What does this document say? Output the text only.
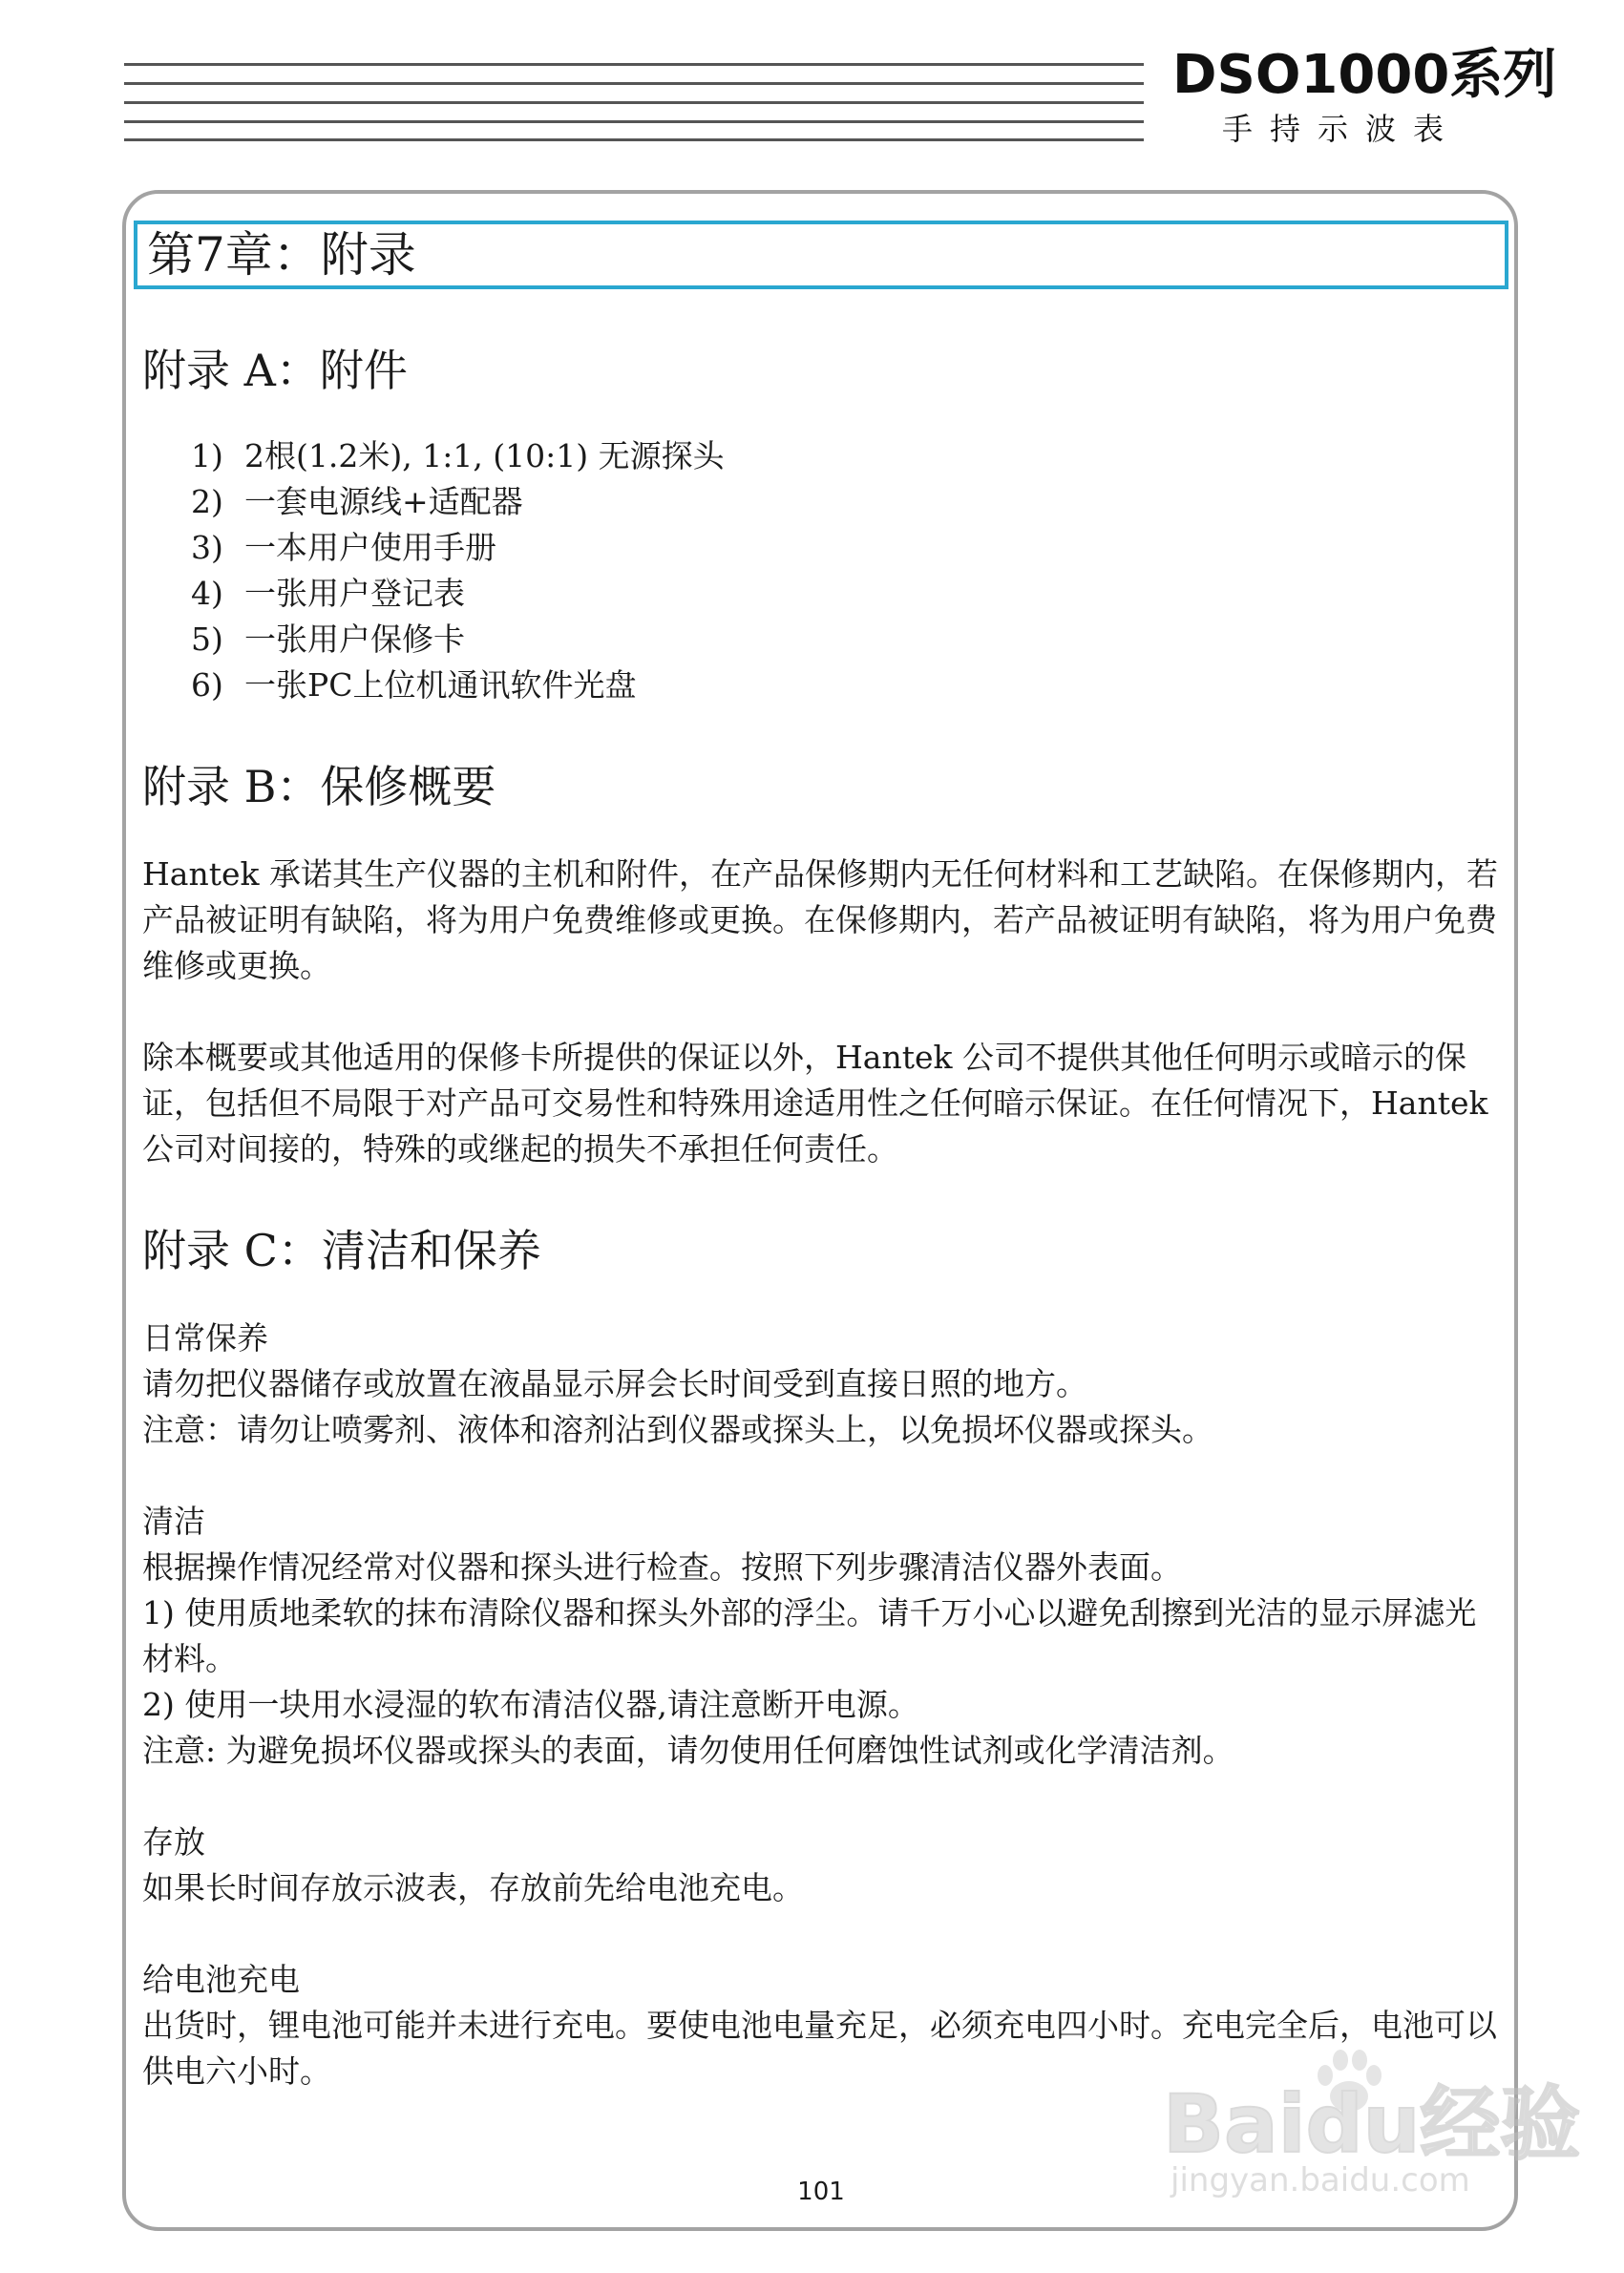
DSO1000系列
手持示波表
第7章：附录
附录 A：附件
1) 2根(1.2米), 1:1, (10:1) 无源探头
2) 一套电源线+适配器
3) 一本用户使用手册
4) 一张用户登记表
5) 一张用户保修卡
6) 一张PC上位机通讯软件光盘
附录 B：保修概要
Hantek 承诺其生产仪器的主机和附件，在产品保修期内无任何材料和工艺缺陷。在保修期内，若产品被证明有缺陷，将为用户免费维修或更换。在保修期内，若产品被证明有缺陷，将为用户免费维修或更换。
除本概要或其他适用的保修卡所提供的保证以外，Hantek 公司不提供其他任何明示或暗示的保证，包括但不局限于对产品可交易性和特殊用途适用性之任何暗示保证。在任何情况下，Hantek公司对间接的，特殊的或继起的损失不承担任何责任。
附录 C：清洁和保养
日常保养
请勿把仪器储存或放置在液晶显示屏会长时间受到直接日照的地方。
注意：请勿让喷雾剂、液体和溶剂沾到仪器或探头上，以免损坏仪器或探头。
清洁
根据操作情况经常对仪器和探头进行检查。按照下列步骤清洁仪器外表面。
1) 使用质地柔软的抹布清除仪器和探头外部的浮尘。请千万小心以避免刮擦到光洁的显示屏滤光材料。
2) 使用一块用水浸湿的软布清洁仪器,请注意断开电源。
注意: 为避免损坏仪器或探头的表面，请勿使用任何磨蚀性试剂或化学清洁剂。
存放
如果长时间存放示波表，存放前先给电池充电。
给电池充电
出货时，锂电池可能并未进行充电。要使电池电量充足，必须充电四小时。充电完全后，电池可以供电六小时。
101
Baidu经验
jingyan.baidu.com
